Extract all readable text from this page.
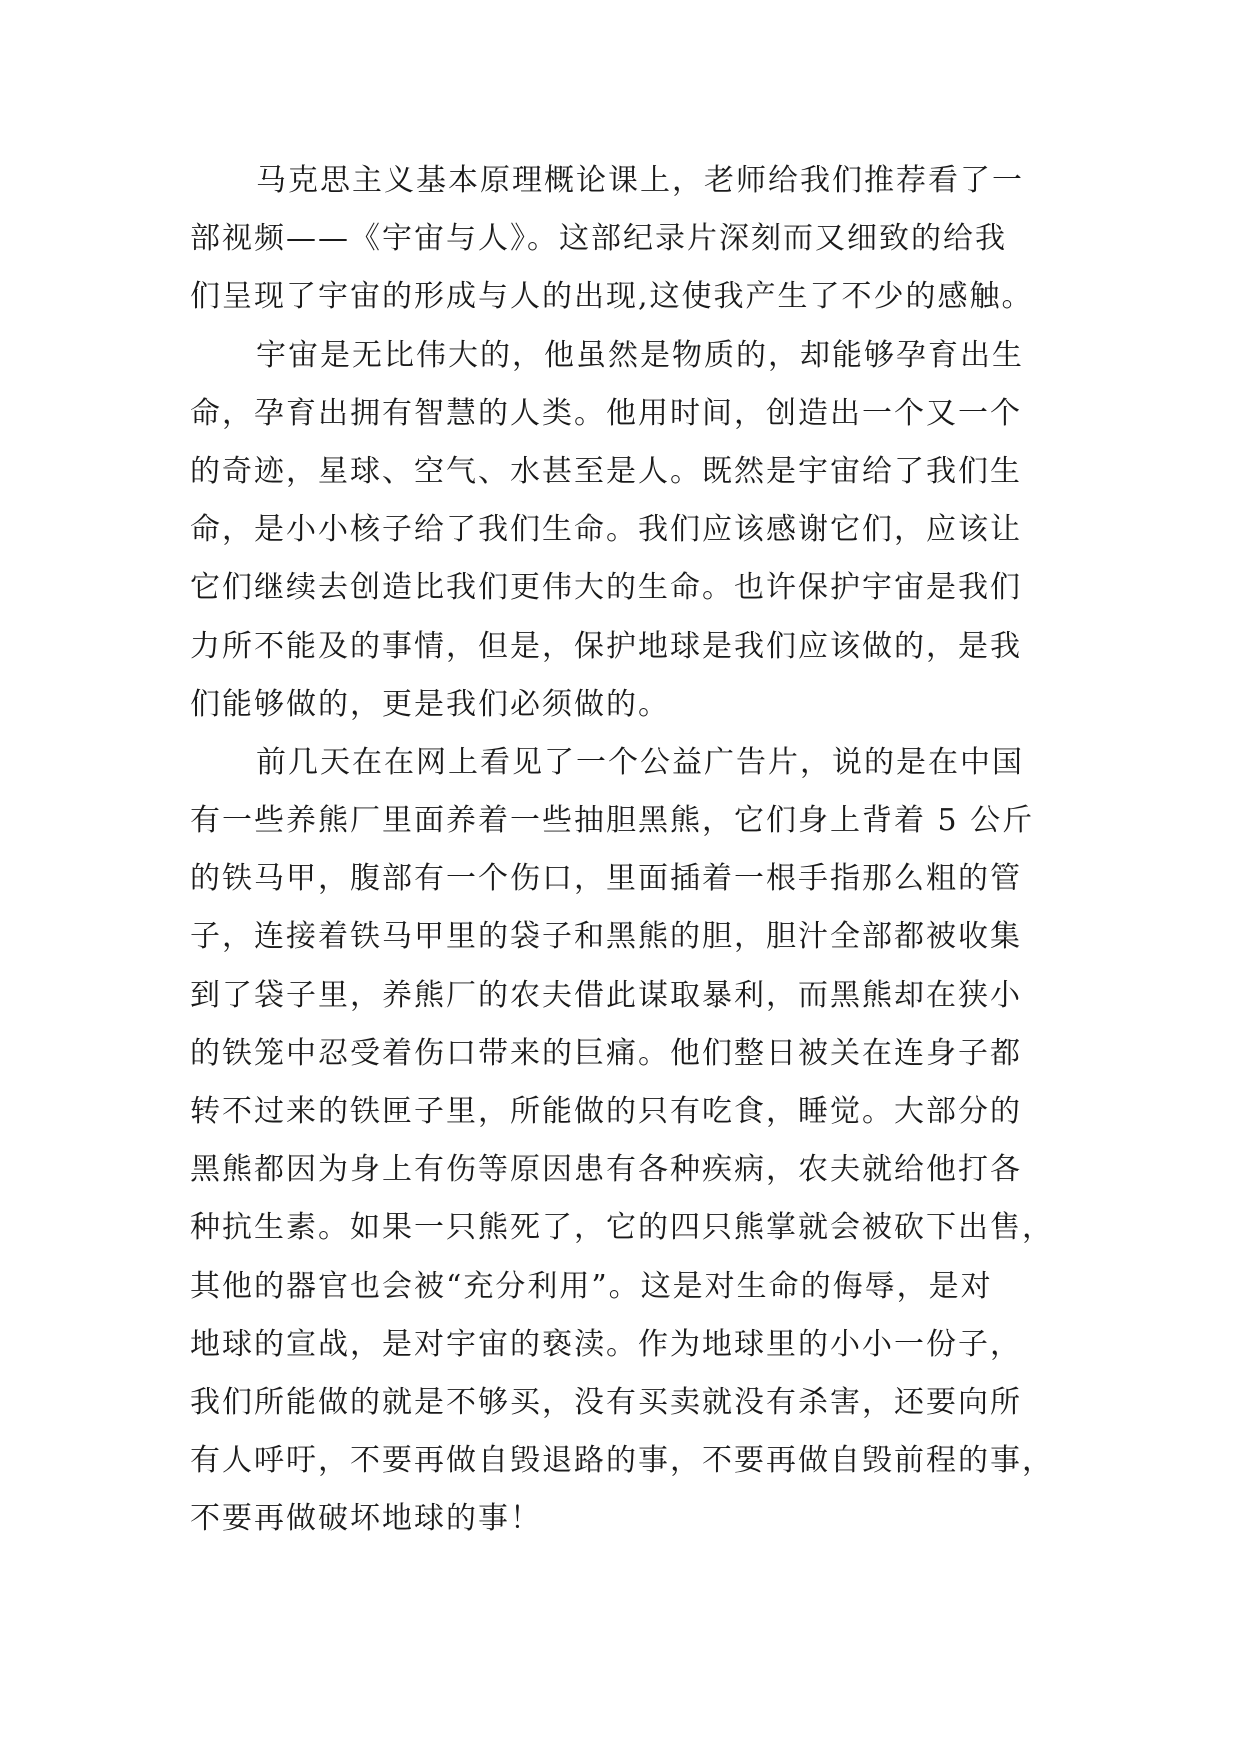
马克思主义基本原理概论课上，老师给我们推荐看了一
部视频——《宇宙与人》。这部纪录片深刻而又细致的给我
们呈现了宇宙的形成与人的出现,这使我产生了不少的感触。
宇宙是无比伟大的，他虽然是物质的，却能够孕育出生
命，孕育出拥有智慧的人类。他用时间，创造出一个又一个
的奇迹，星球、空气、水甚至是人。既然是宇宙给了我们生
命，是小小核子给了我们生命。我们应该感谢它们，应该让
它们继续去创造比我们更伟大的生命。也许保护宇宙是我们
力所不能及的事情，但是，保护地球是我们应该做的，是我
们能够做的，更是我们必须做的。
前几天在在网上看见了一个公益广告片，说的是在中国
有一些养熊厂里面养着一些抽胆黑熊，它们身上背着 5 公斤
的铁马甲，腹部有一个伤口，里面插着一根手指那么粗的管
子，连接着铁马甲里的袋子和黑熊的胆，胆汁全部都被收集
到了袋子里，养熊厂的农夫借此谋取暴利，而黑熊却在狭小
的铁笼中忍受着伤口带来的巨痛。他们整日被关在连身子都
转不过来的铁匣子里，所能做的只有吃食，睡觉。大部分的
黑熊都因为身上有伤等原因患有各种疾病，农夫就给他打各
种抗生素。如果一只熊死了，它的四只熊掌就会被砍下出售，
其他的器官也会被“充分利用”。这是对生命的侮辱，是对
地球的宣战，是对宇宙的亵渎。作为地球里的小小一份子，
我们所能做的就是不够买，没有买卖就没有杀害，还要向所
有人呼吁，不要再做自毁退路的事，不要再做自毁前程的事，
不要再做破坏地球的事！
